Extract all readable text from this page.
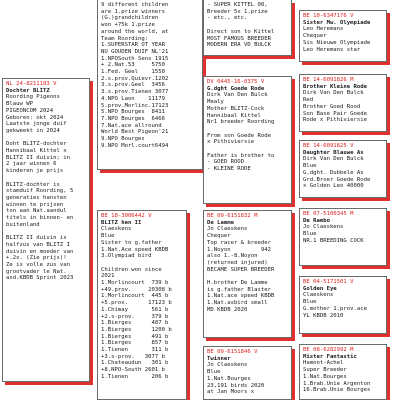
9 different children
are 1.prize winners
(G.)grandchildren
won +75k 1.prize
around the world, at
Team Roording:
1.SUPERSTAR OT YEAR
NU GOUDEN DUIF NL'21
1.NPOSouth Sens 1915
+ 2.Nat.53     5750
1.Fed. Geel    1550
2.s.prov.Quievr.1202
3.s.prov.Geel  3456
3.s.prov.Tienen 3077
4.NPO Laon    11179
5.prov.Morlinc.17123
5.NPO Bourges  8411
7.NPO Bourges  6466
7.Nat.ace allround
World Best Pigeon'21
9.NPO Bourges
9.NPO Morl.court6494
NL 24-8211183 V
Dochter BLITZ
Roording Pigeons
Blauw WP
PIGEONCOM 2024
Geboren: okt 2024
Laatste jonge duif
gekweekt in 2024

Doht BLITZ-dochter
Hannibaal Kittel x
BLITZ II duivin; in
2 jaar winnen 6
kinderen je prijs

BLITZ-dochter is
stamduif Roording, 5
generaties hansten
winnen te prijsen
ton aan Nat.aandul
titels in binnen- en
buitenland

BLITZ II duivin is
halfzus van BLITZ I
duivin en moeder van
+.2x. (Zie prijs)!
Ze is volle zus van
grootvader le Nat.
asd.KBDB Sprint 2023
- SUPER KITTEL 08,
Breeder 5x 1.prize
- etc., etc.

Direct son to Kittel
MOST FAMOUS BREEDER
MODERN ERA VD BULCK
DV 0445-16-0375 V
G.dght Goede Rode
Dirk Van Den Bulck
Mealy
Mother BLITZ-Cock
Hannibaal Kittel
Nr1 breeder Roording

From son Goede Rode
x Pithiviersie

Father is brother to
- GOED ROOD
- KLEINE RODE
BE 18-3006442 V
BLITZ hen II
Claeskens
Blue
Sister to g.father
1.Nat.Ace speed KBDB
3.Olympiad bird

Children won since
2021
1.Morlincourt  739 b
+49.prov.     20308 b
1.Morlincourt  445 b
+5.prov.      17123 b
1.Chimay       561 b
+2.s-prov.     379 b
1.Bierges      487 b
1.Bierges      1200 b
1.Bierges      491 b
1.Bierges      857 b
1.Tienen       311 b
+3.s-prov.   3077 b
1.Chateaudun   301 b
+8.NPO-South 2601 b
1.Tienen       206 b
BE 09-6151832 M
De Lamme
Jo Claeskens
Chequer
Top racer & breeder
1.Noyon         942
also 1.-8.Noyon
(returned injured)
BECAME SUPER BREEDER

H.brother De Lamme
is g.father Blaster
1.Nat.ace speed KBDB
1.Nat.asbird small
MD KBDB 2020
BE 09-6151846 V
Twinner
Jo Claeskens
Blue
1.Nat.Bourges
23,191 birds 2020
at Jan Moors x
BE 10-6347176 V
Sister Mw. Olympiade
Leo Heremans
Chequer
Sis Nieuwe Olympiade
Leo Heremans star
BE 14-6091826 M
Brother Kleine Rode
Dirk Van Den Bulck
Red
Brother Goed Rood
Son Base Pair Goede
Rode x Pithiviersie
BE 14-6091825 V
Daughter Blauwe As
Dirk Van Den Bulck
Blue
G.dght. Dubbele As
Grd.Broer Goede Rode
x Golden Leo 40000
BE 07-5100345 M
De Rambo
Jo Claeskens
Blue
NR.1 BREEDING COCK

BE 04-5171501 V
Golden Eye
Claeskens
Blue
G.mother 1.prov.ace
YL KBDB 2010
BE 08-6282992 M
Mister Fantastic
Hamont-Achel
Super Breeder
1.Nat.Bourges
1.Brab.Unie Argenton
16.Brab.Unie Bourges
